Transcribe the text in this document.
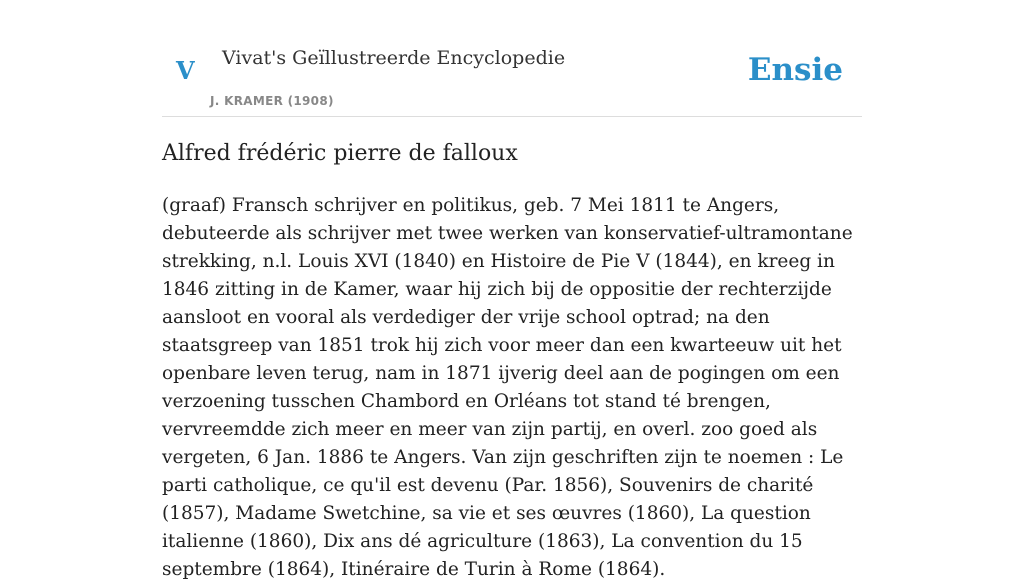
V Vivat's Geïllustreerde Encyclopedie
J. KRAMER (1908)
Ensie
Alfred frédéric pierre de falloux

(graaf) Fransch schrijver en politikus, geb. 7 Mei 1811 te Angers, debuteerde als schrijver met twee werken van konservatief-ultramontane strekking, n.l. Louis XVI (1840) en Histoire de Pie V (1844), en kreeg in 1846 zitting in de Kamer, waar hij zich bij de oppositie der rechterzijde aansloot en vooral als verdediger der vrije school optrad; na den staatsgreep van 1851 trok hij zich voor meer dan een kwarteeuw uit het openbare leven terug, nam in 1871 ijverig deel aan de pogingen om een verzoening tusschen Chambord en Orléans tot stand té brengen, vervreemdde zich meer en meer van zijn partij, en overl. zoo goed als vergeten, 6 Jan. 1886 te Angers. Van zijn geschriften zijn te noemen : Le parti catholique, ce qu'il est devenu (Par. 1856), Souvenirs de charité (1857), Madame Swetchine, sa vie et ses œuvres (1860), La question italienne (1860), Dix ans dé agriculture (1863), La convention du 15 septembre (1864), Itinéraire de Turin à Rome (1864).
